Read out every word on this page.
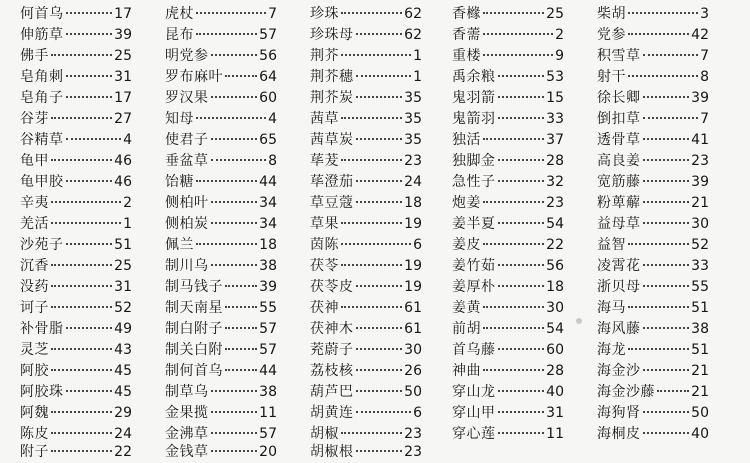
何首乌	17
伸筋草	39
佛手	25
皂角刺	31
皂角子	17
谷芽	27
谷精草	4
龟甲	46
龟甲胶	46
辛夷	2
羌活	1
沙苑子	51
沉香	25
没药	31
诃子	52
补骨脂	49
灵芝	43
阿胶	45
阿胶珠	45
阿魏	29
陈皮	24
附子	22
虎杖	7
昆布	57
明党参	56
罗布麻叶	64
罗汉果	60
知母	4
使君子	65
垂盆草	8
饴糖	44
侧柏叶	34
侧柏炭	34
佩兰	18
制川乌	38
制马钱子	39
制天南星	55
制白附子	57
制关白附	57
制何首乌	44
制草乌	38
金果揽	11
金沸草	57
金钱草	20
珍珠	62
珍珠母	62
荆芥	1
荆芥穗	1
荆芥炭	35
茜草	35
茜草炭	35
荜茇	23
荜澄茄	24
草豆蔻	18
草果	19
茵陈	6
茯苓	19
茯苓皮	19
茯神	61
茯神木	61
茺蔚子	30
荔枝核	26
葫芦巴	50
胡黄连	6
胡椒	23
胡椒根	23
香橼	25
香薷	2
重楼	9
禹余粮	53
鬼羽箭	15
鬼箭羽	33
独活	37
独脚金	28
急性子	32
炮姜	23
姜半夏	54
姜皮	22
姜竹茹	56
姜厚朴	18
姜黄	30
前胡	54
首乌藤	60
神曲	28
穿山龙	40
穿山甲	31
穿心莲	11
柴胡	3
党参	42
积雪草	7
射干	8
徐长卿	39
倒扣草	7
透骨草	41
高良姜	23
宽筋藤	39
粉萆薢	21
益母草	30
益智	52
凌霄花	33
浙贝母	55
海马	51
海风藤	38
海龙	51
海金沙	21
海金沙藤	21
海狗肾	50
海桐皮	40
